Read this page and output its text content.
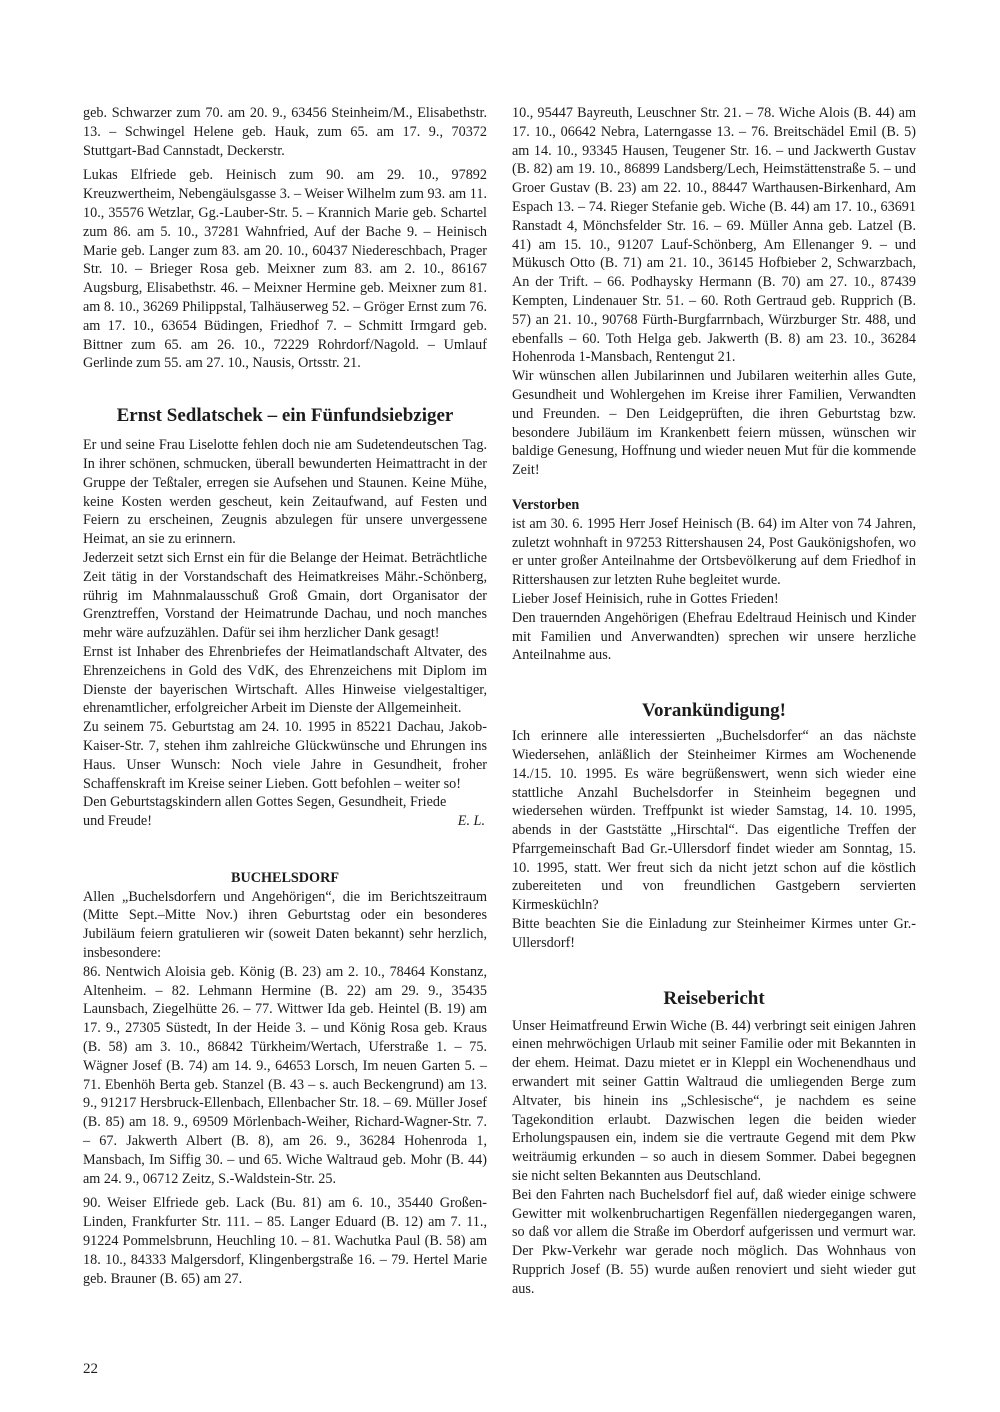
geb. Schwarzer zum 70. am 20. 9., 63456 Steinheim/M., Elisabethstr. 13. – Schwingel Helene geb. Hauk, zum 65. am 17. 9., 70372 Stuttgart-Bad Cannstadt, Deckerstr.

Lukas Elfriede geb. Heinisch zum 90. am 29. 10., 97892 Kreuzwertheim, Nebengäulsgasse 3. – Weiser Wilhelm zum 93. am 11. 10., 35576 Wetzlar, Gg.-Lauber-Str. 5. – Krannich Marie geb. Schartel zum 86. am 5. 10., 37281 Wahnfried, Auf der Bache 9. – Heinisch Marie geb. Langer zum 83. am 20. 10., 60437 Niedereschbach, Prager Str. 10. – Brieger Rosa geb. Meixner zum 83. am 2. 10., 86167 Augsburg, Elisabethstr. 46. – Meixner Hermine geb. Meixner zum 81. am 8. 10., 36269 Philippstal, Talhäuserweg 52. – Gröger Ernst zum 76. am 17. 10., 63654 Büdingen, Friedhof 7. – Schmitt Irmgard geb. Bittner zum 65. am 26. 10., 72229 Rohrdorf/Nagold. – Umlauf Gerlinde zum 55. am 27. 10., Nausis, Ortsstr. 21.

Ernst Sedlatschek – ein Fünfundsiebziger

Er und seine Frau Liselotte fehlen doch nie am Sudetendeutschen Tag. In ihrer schönen, schmucken, überall bewunderten Heimattracht in der Gruppe der Teßtaler, erregen sie Aufsehen und Staunen. Keine Mühe, keine Kosten werden gescheut, kein Zeitaufwand, auf Festen und Feiern zu erscheinen, Zeugnis abzulegen für unsere unvergessene Heimat, an sie zu erinnern.

Jederzeit setzt sich Ernst ein für die Belange der Heimat. Beträchtliche Zeit tätig in der Vorstandschaft des Heimatkreises Mähr.-Schönberg, rührig im Mahnmalausschuß Groß Gmain, dort Organisator der Grenztreffen, Vorstand der Heimatrunde Dachau, und noch manches mehr wäre aufzuzählen. Dafür sei ihm herzlicher Dank gesagt!

Ernst ist Inhaber des Ehrenbriefes der Heimatlandschaft Altvater, des Ehrenzeichens in Gold des VdK, des Ehrenzeichens mit Diplom im Dienste der bayerischen Wirtschaft. Alles Hinweise vielgestaltiger, ehrenamtlicher, erfolgreicher Arbeit im Dienste der Allgemeinheit.

Zu seinem 75. Geburtstag am 24. 10. 1995 in 85221 Dachau, Jakob-Kaiser-Str. 7, stehen ihm zahlreiche Glückwünsche und Ehrungen ins Haus. Unser Wunsch: Noch viele Jahre in Gesundheit, froher Schaffenskraft im Kreise seiner Lieben. Gott befohlen – weiter so!

Den Geburtstagskindern allen Gottes Segen, Gesundheit, Friede

und Freude!	E. L.
BUCHELSDORF

Allen „Buchelsdorfern und Angehörigen“, die im Berichtszeitraum (Mitte Sept.–Mitte Nov.) ihren Geburtstag oder ein besonderes Jubiläum feiern gratulieren wir (soweit Daten bekannt) sehr herzlich, insbesondere:

86. Nentwich Aloisia geb. König (B. 23) am 2. 10., 78464 Konstanz, Altenheim. – 82. Lehmann Hermine (B. 22) am 29. 9., 35435 Launsbach, Ziegelhütte 26. – 77. Wittwer Ida geb. Heintel (B. 19) am 17. 9., 27305 Süstedt, In der Heide 3. – und König Rosa geb. Kraus (B. 58) am 3. 10., 86842 Türkheim/Wertach, Uferstraße 1. – 75. Wägner Josef (B. 74) am 14. 9., 64653 Lorsch, Im neuen Garten 5. – 71. Ebenhöh Berta geb. Stanzel (B. 43 – s. auch Beckengrund) am 13. 9., 91217 Hersbruck-Ellenbach, Ellenbacher Str. 18. – 69. Müller Josef (B. 85) am 18. 9., 69509 Mörlenbach-Weiher, Richard-Wagner-Str. 7. – 67. Jakwerth Albert (B. 8), am 26. 9., 36284 Hohenroda 1, Mansbach, Im Siffig 30. – und 65. Wiche Waltraud geb. Mohr (B. 44) am 24. 9., 06712 Zeitz, S.-Waldstein-Str. 25.

90. Weiser Elfriede geb. Lack (Bu. 81) am 6. 10., 35440 Großen-Linden, Frankfurter Str. 111. – 85. Langer Eduard (B. 12) am 7. 11., 91224 Pommelsbrunn, Heuchling 10. – 81. Wachutka Paul (B. 58) am 18. 10., 84333 Malgersdorf, Klingenbergstraße 16. – 79. Hertel Marie geb. Brauner (B. 65) am 27.

10., 95447 Bayreuth, Leuschner Str. 21. – 78. Wiche Alois (B. 44) am 17. 10., 06642 Nebra, Laterngasse 13. – 76. Breitschädel Emil (B. 5) am 14. 10., 93345 Hausen, Teugener Str. 16. – und Jackwerth Gustav (B. 82) am 19. 10., 86899 Landsberg/Lech, Heimstättenstraße 5. – und Groer Gustav (B. 23) am 22. 10., 88447 Warthausen-Birkenhard, Am Espach 13. – 74. Rieger Stefanie geb. Wiche (B. 44) am 17. 10., 63691 Ranstadt 4, Mönchsfelder Str. 16. – 69. Müller Anna geb. Latzel (B. 41) am 15. 10., 91207 Lauf-Schönberg, Am Ellenanger 9. – und Mükusch Otto (B. 71) am 21. 10., 36145 Hofbieber 2, Schwarzbach, An der Trift. – 66. Podhaysky Hermann (B. 70) am 27. 10., 87439 Kempten, Lindenauer Str. 51. – 60. Roth Gertraud geb. Rupprich (B. 57) an 21. 10., 90768 Fürth-Burgfarrnbach, Würzburger Str. 488, und ebenfalls – 60. Toth Helga geb. Jakwerth (B. 8) am 23. 10., 36284 Hohenroda 1-Mansbach, Rentengut 21.

Wir wünschen allen Jubilarinnen und Jubilaren weiterhin alles Gute, Gesundheit und Wohlergehen im Kreise ihrer Familien, Verwandten und Freunden. – Den Leidgeprüften, die ihren Geburtstag bzw. besondere Jubiläum im Krankenbett feiern müssen, wünschen wir baldige Genesung, Hoffnung und wieder neuen Mut für die kommende Zeit!

Verstorben

ist am 30. 6. 1995 Herr Josef Heinisch (B. 64) im Alter von 74 Jahren, zuletzt wohnhaft in 97253 Rittershausen 24, Post Gaukönigshofen, wo er unter großer Anteilnahme der Ortsbevölkerung auf dem Friedhof in Rittershausen zur letzten Ruhe begleitet wurde.

Lieber Josef Heinisich, ruhe in Gottes Frieden!

Den trauernden Angehörigen (Ehefrau Edeltraud Heinisch und Kinder mit Familien und Anverwandten) sprechen wir unsere herzliche Anteilnahme aus.

Vorankündigung!

Ich erinnere alle interessierten „Buchelsdorfer“ an das nächste Wiedersehen, anläßlich der Steinheimer Kirmes am Wochenende 14./15. 10. 1995. Es wäre begrüßenswert, wenn sich wieder eine stattliche Anzahl Buchelsdorfer in Steinheim begegnen und wiedersehen würden. Treffpunkt ist wieder Samstag, 14. 10. 1995, abends in der Gaststätte „Hirschtal“. Das eigentliche Treffen der Pfarrgemeinschaft Bad Gr.-Ullersdorf findet wieder am Sonntag, 15. 10. 1995, statt. Wer freut sich da nicht jetzt schon auf die köstlich zubereiteten und von freundlichen Gastgebern servierten Kirmesküchln?

Bitte beachten Sie die Einladung zur Steinheimer Kirmes unter Gr.-Ullersdorf!

Reisebericht

Unser Heimatfreund Erwin Wiche (B. 44) verbringt seit einigen Jahren einen mehrwöchigen Urlaub mit seiner Familie oder mit Bekannten in der ehem. Heimat. Dazu mietet er in Kleppl ein Wochenendhaus und erwandert mit seiner Gattin Waltraud die umliegenden Berge zum Altvater, bis hinein ins „Schlesische“, je nachdem es seine Tagekondition erlaubt. Dazwischen legen die beiden wieder Erholungspausen ein, indem sie die vertraute Gegend mit dem Pkw weiträumig erkunden – so auch in diesem Sommer. Dabei begegnen sie nicht selten Bekannten aus Deutschland.

Bei den Fahrten nach Buchelsdorf fiel auf, daß wieder einige schwere Gewitter mit wolkenbruchartigen Regenfällen niedergegangen waren, so daß vor allem die Straße im Oberdorf aufgerissen und vermurt war. Der Pkw-Verkehr war gerade noch möglich. Das Wohnhaus von Rupprich Josef (B. 55) wurde außen renoviert und sieht wieder gut aus.

22
